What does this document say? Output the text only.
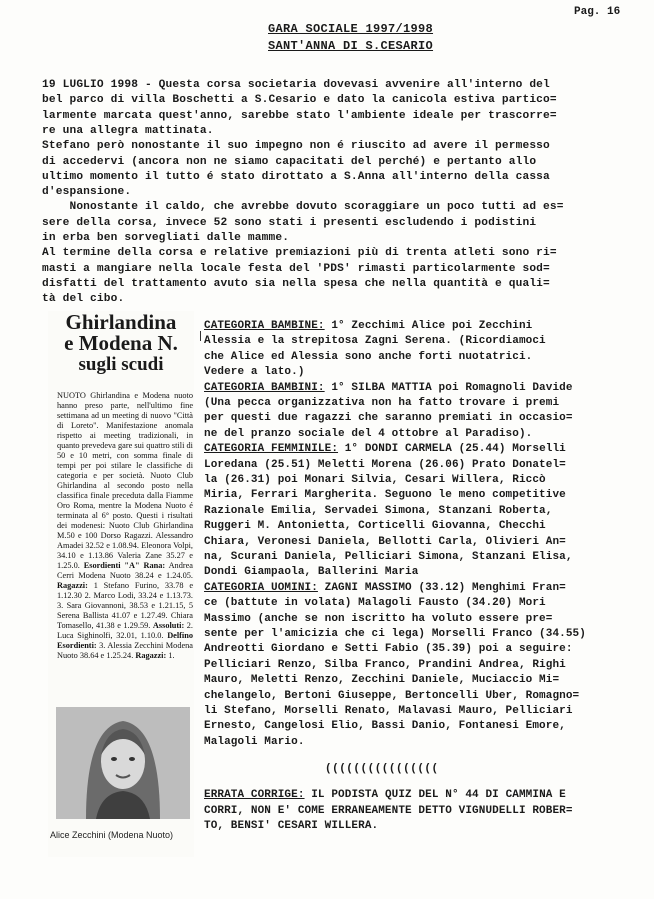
Pag. 16
GARA SOCIALE 1997/1998
SANT'ANNA DI S.CESARIO
19 LUGLIO 1998 - Questa corsa societaria dovevasi avvenire all'interno del
bel parco di villa Boschetti a S.Cesario e dato la canicola estiva partico=
larmente marcata quest'anno, sarebbe stato l'ambiente ideale per trascorre=
re una allegra mattinata.
Stefano però nonostante il suo impegno non é riuscito ad avere il permesso
di accedervi (ancora non ne siamo capacitati del perché) e pertanto allo
ultimo momento il tutto é stato dirottato a S.Anna all'interno della cassa
d'espansione.
Nonostante il caldo, che avrebbe dovuto scoraggiare un poco tutti ad es=
sere della corsa, invece 52 sono stati i presenti escludendo i podistini
in erba ben sorvegliati dalle mamme.
Al termine della corsa e relative premiazioni più di trenta atleti sono ri=
masti a mangiare nella locale festa del 'PDS' rimasti particolarmente sod=
disfatti del trattamento avuto sia nella spesa che nella quantità e quali=
tà del cibo.
Ghirlandina
e Modena N.
sugli scudi
NUOTO Ghirlandina e Modena nuoto hanno preso parte, nell'ultimo fine settimana ad un meeting di nuovo "Città di Loreto". Manifestazione anomala rispetto ai meeting tradizionali, in quanto prevedeva gare sui quattro stili di 50 e 10 metri, con somma finale di tempi per poi stilare le classifiche di categoria e per società. Nuoto Club Ghirlandina al secondo posto nella classifica finale preceduta dalla Fiamme Oro Roma, mentre la Modena Nuoto é terminata al 6° posto. Questi i risultati dei modenesi: Nuoto Club Ghirlandina M.50 e 100 Dorso Ragazzi. Alessandro Amadei 32.52 e 1.08.94. Eleonora Volpi, 34.10 e 1.13.86 Valeria Zane 35.27 e 1.25.0. Esordienti "A" Rana: Andrea Cerri Modena Nuoto 38.24 e 1.24.05. Ragazzi: 1 Stefano Furino, 33.78 e 1.12.30 2. Marco Lodi, 33.24 e 1.13.73. 3. Sara Giovannoni, 38.53 e 1.21.15, 5 Serena Ballista 41.07 e 1.27.49. Chiara Tomasello, 41.38 e 1.29.59. Assoluti: 2. Luca Sighinolfi, 32.01, 1.10.0. Delfino Esordienti: 3. Alessia Zecchini Modena Nuoto 38.64 e 1.25.24. Ragazzi: 1.
Alice Zecchini (Modena Nuoto)
CATEGORIA BAMBINE: 1° Zecchimi Alice poi Zecchini
Alessia e la strepitosa Zagni Serena. (Ricordiamoci
che Alice ed Alessia sono anche forti nuotatrici.
Vedere a lato.)
CATEGORIA BAMBINI: 1° SILBA MATTIA poi Romagnoli Davide
(Una pecca organizzativa non ha fatto trovare i premi
per questi due ragazzi che saranno premiati in occasio=
ne del pranzo sociale del 4 ottobre al Paradiso).
CATEGORIA FEMMINILE: 1° DONDI CARMELA (25.44) Morselli
Loredana (25.51) Meletti Morena (26.06) Prato Donatel=
la (26.31) poi Monari Silvia, Cesari Willera, Riccò
Miria, Ferrari Margherita. Seguono le meno competitive
Razionale Emilia, Servadei Simona, Stanzani Roberta,
Ruggeri M. Antonietta, Corticelli Giovanna, Checchi
Chiara, Veronesi Daniela, Bellotti Carla, Olivieri An=
na, Scurani Daniela, Pelliciari Simona, Stanzani Elisa,
Dondi Giampaola, Ballerini Maria
CATEGORIA UOMINI: ZAGNI MASSIMO (33.12) Menghimi Fran=
ce (battute in volata) Malagoli Fausto (34.20) Mori
Massimo (anche se non iscritto ha voluto essere pre=
sente per l'amicizia che ci lega) Morselli Franco (34.55)
Andreotti Giordano e Setti Fabio (35.39) poi a seguire:
Pelliciari Renzo, Silba Franco, Prandini Andrea, Righi
Mauro, Meletti Renzo, Zecchini Daniele, Muciaccio Mi=
chelangelo, Bertoni Giuseppe, Bertoncelli Uber, Romagno=
li Stefano, Morselli Renato, Malavasi Mauro, Pelliciari
Ernesto, Cangelosi Elio, Bassi Danio, Fontanesi Emore,
Malagoli Mario.
((((((((((((((((
ERRATA CORRIGE: IL PODISTA QUIZ DEL N° 44 DI CAMMINA E
CORRI, NON E' COME ERRANEAMENTE DETTO VIGNUDELLI ROBER=
TO, BENSI' CESARI WILLERA.
